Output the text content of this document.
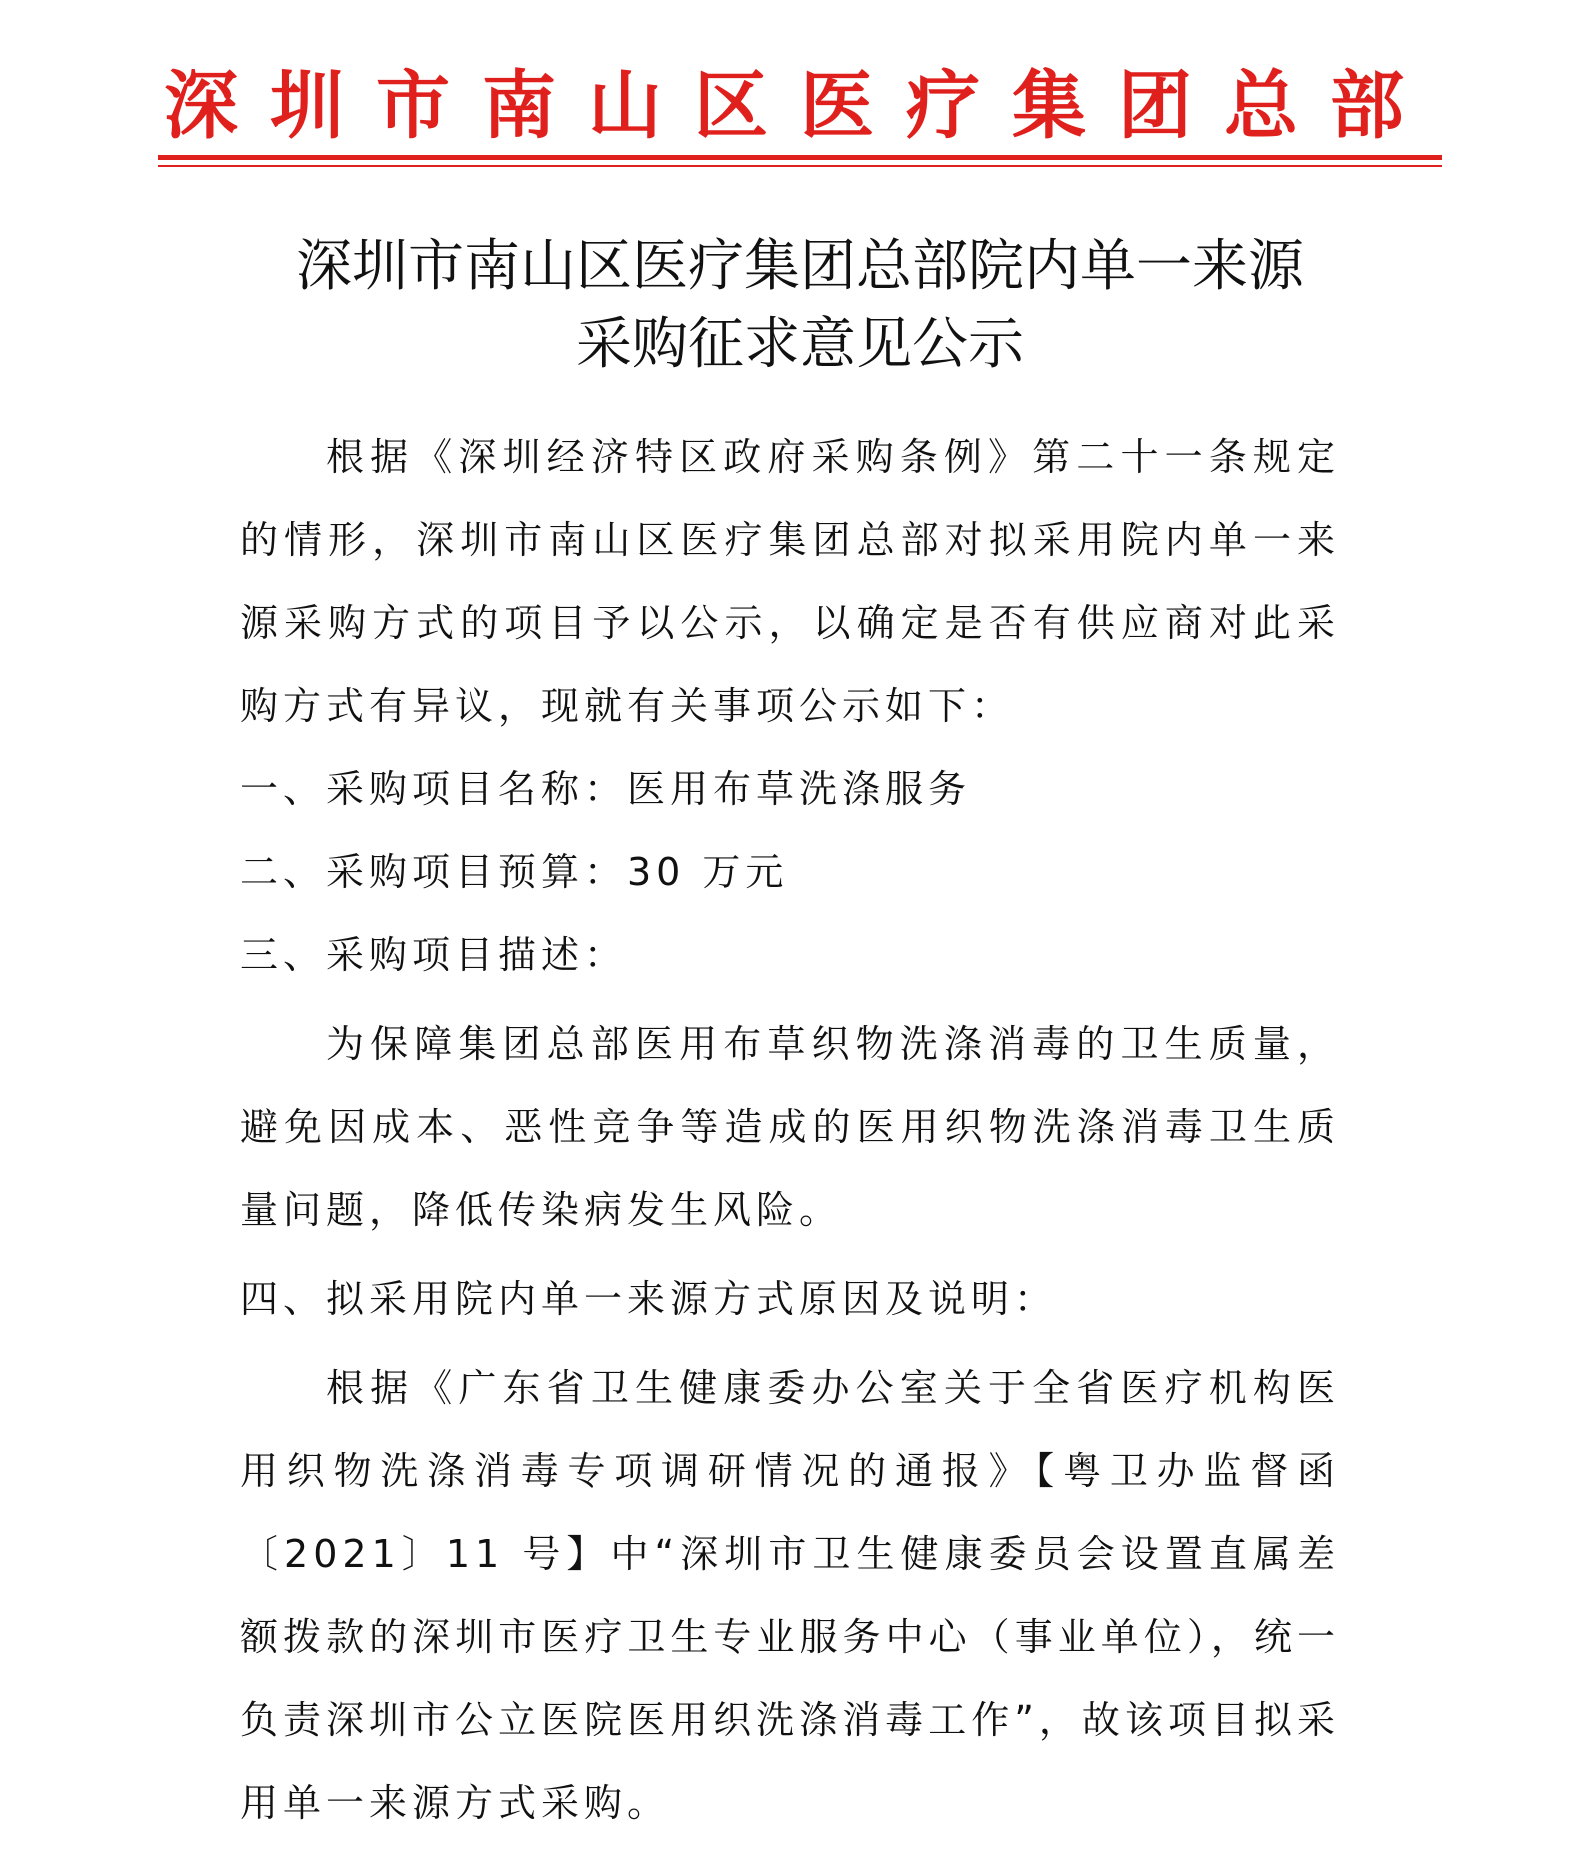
深圳市南山区医疗集团总部
深圳市南山区医疗集团总部院内单一来源
采购征求意见公示

根据《深圳经济特区政府采购条例》第二十一条规定的情形，深圳市南山区医疗集团总部对拟采用院内单一来源采购方式的项目予以公示，以确定是否有供应商对此采购方式有异议，现就有关事项公示如下：

一、采购项目名称：医用布草洗涤服务

二、采购项目预算：30 万元

三、采购项目描述：

为保障集团总部医用布草织物洗涤消毒的卫生质量，避免因成本、恶性竞争等造成的医用织物洗涤消毒卫生质量问题，降低传染病发生风险。

四、拟采用院内单一来源方式原因及说明：

根据《广东省卫生健康委办公室关于全省医疗机构医用织物洗涤消毒专项调研情况的通报》【粤卫办监督函〔2021〕11 号】中“深圳市卫生健康委员会设置直属差额拨款的深圳市医疗卫生专业服务中心（事业单位），统一负责深圳市公立医院医用织洗涤消毒工作”，故该项目拟采用单一来源方式采购。
